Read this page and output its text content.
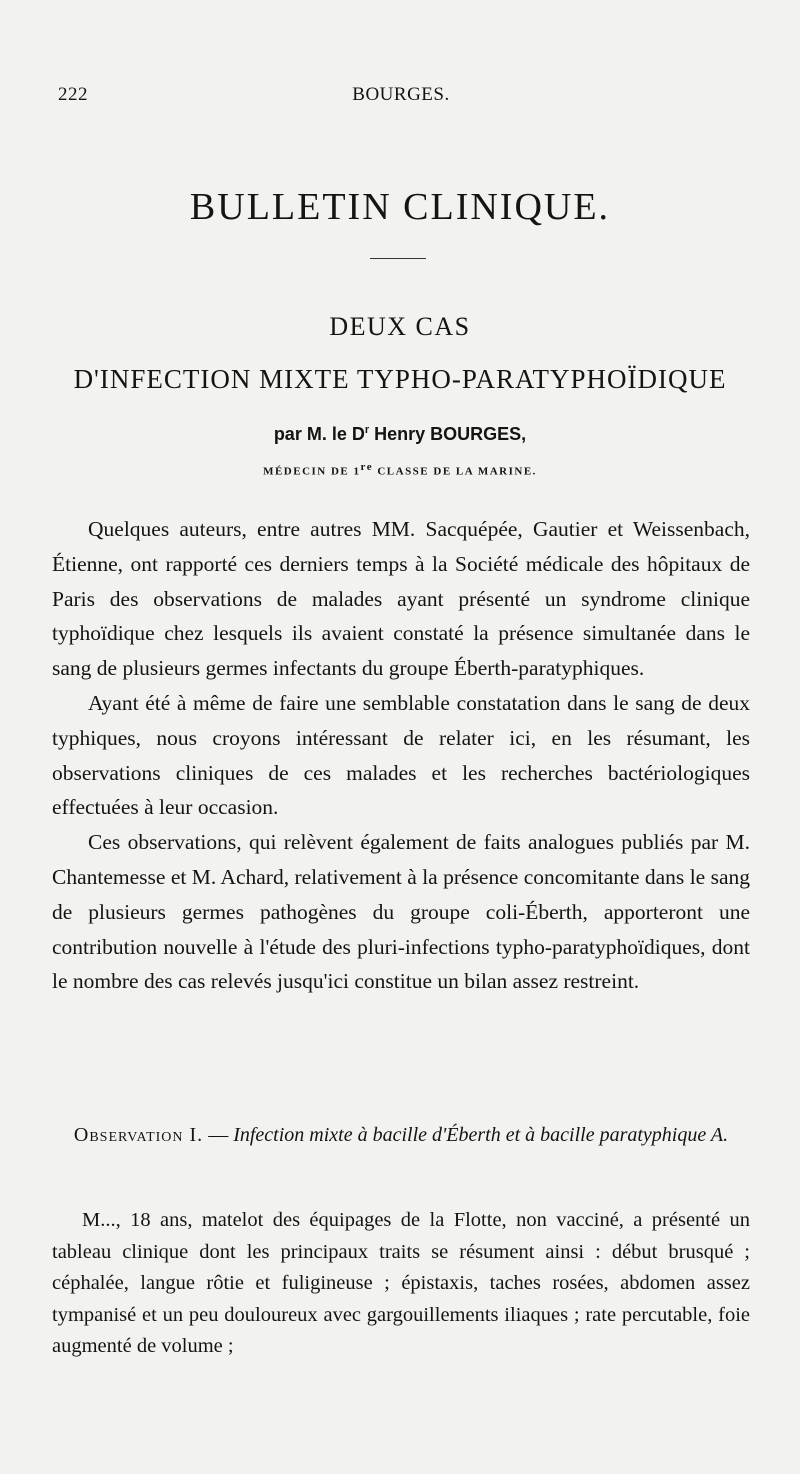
222	BOURGES.
BULLETIN CLINIQUE.
DEUX CAS
D'INFECTION MIXTE TYPHO-PARATYPHOÏDIQUE
par M. le $D^r$ Henry BOURGES,
MÉDECIN DE 1re CLASSE DE LA MARINE.

Quelques auteurs, entre autres MM. Sacquépée, Gautier et Weissenbach, Étienne, ont rapporté ces derniers temps à la Société médicale des hôpitaux de Paris des observations de malades ayant présenté un syndrome clinique typhoïdique chez lesquels ils avaient constaté la présence simultanée dans le sang de plusieurs germes infectants du groupe Éberth-paratyphiques.

Ayant été à même de faire une semblable constatation dans le sang de deux typhiques, nous croyons intéressant de relater ici, en les résumant, les observations cliniques de ces malades et les recherches bactériologiques effectuées à leur occasion.

Ces observations, qui relèvent également de faits analogues publiés par M. Chantemesse et M. Achard, relativement à la présence concomitante dans le sang de plusieurs germes pathogènes du groupe coli-Éberth, apporteront une contribution nouvelle à l'étude des pluri-infections typho-paratyphoïdiques, dont le nombre des cas relevés jusqu'ici constitue un bilan assez restreint.

Observation I. — Infection mixte à bacille d'Éberth et à bacille paratyphique A.

M..., 18 ans, matelot des équipages de la Flotte, non vacciné, a présenté un tableau clinique dont les principaux traits se résument ainsi : début brusqué ; céphalée, langue rôtie et fuligineuse ; épistaxis, taches rosées, abdomen assez tympanisé et un peu douloureux avec gargouillements iliaques ; rate percutable, foie augmenté de volume ;
